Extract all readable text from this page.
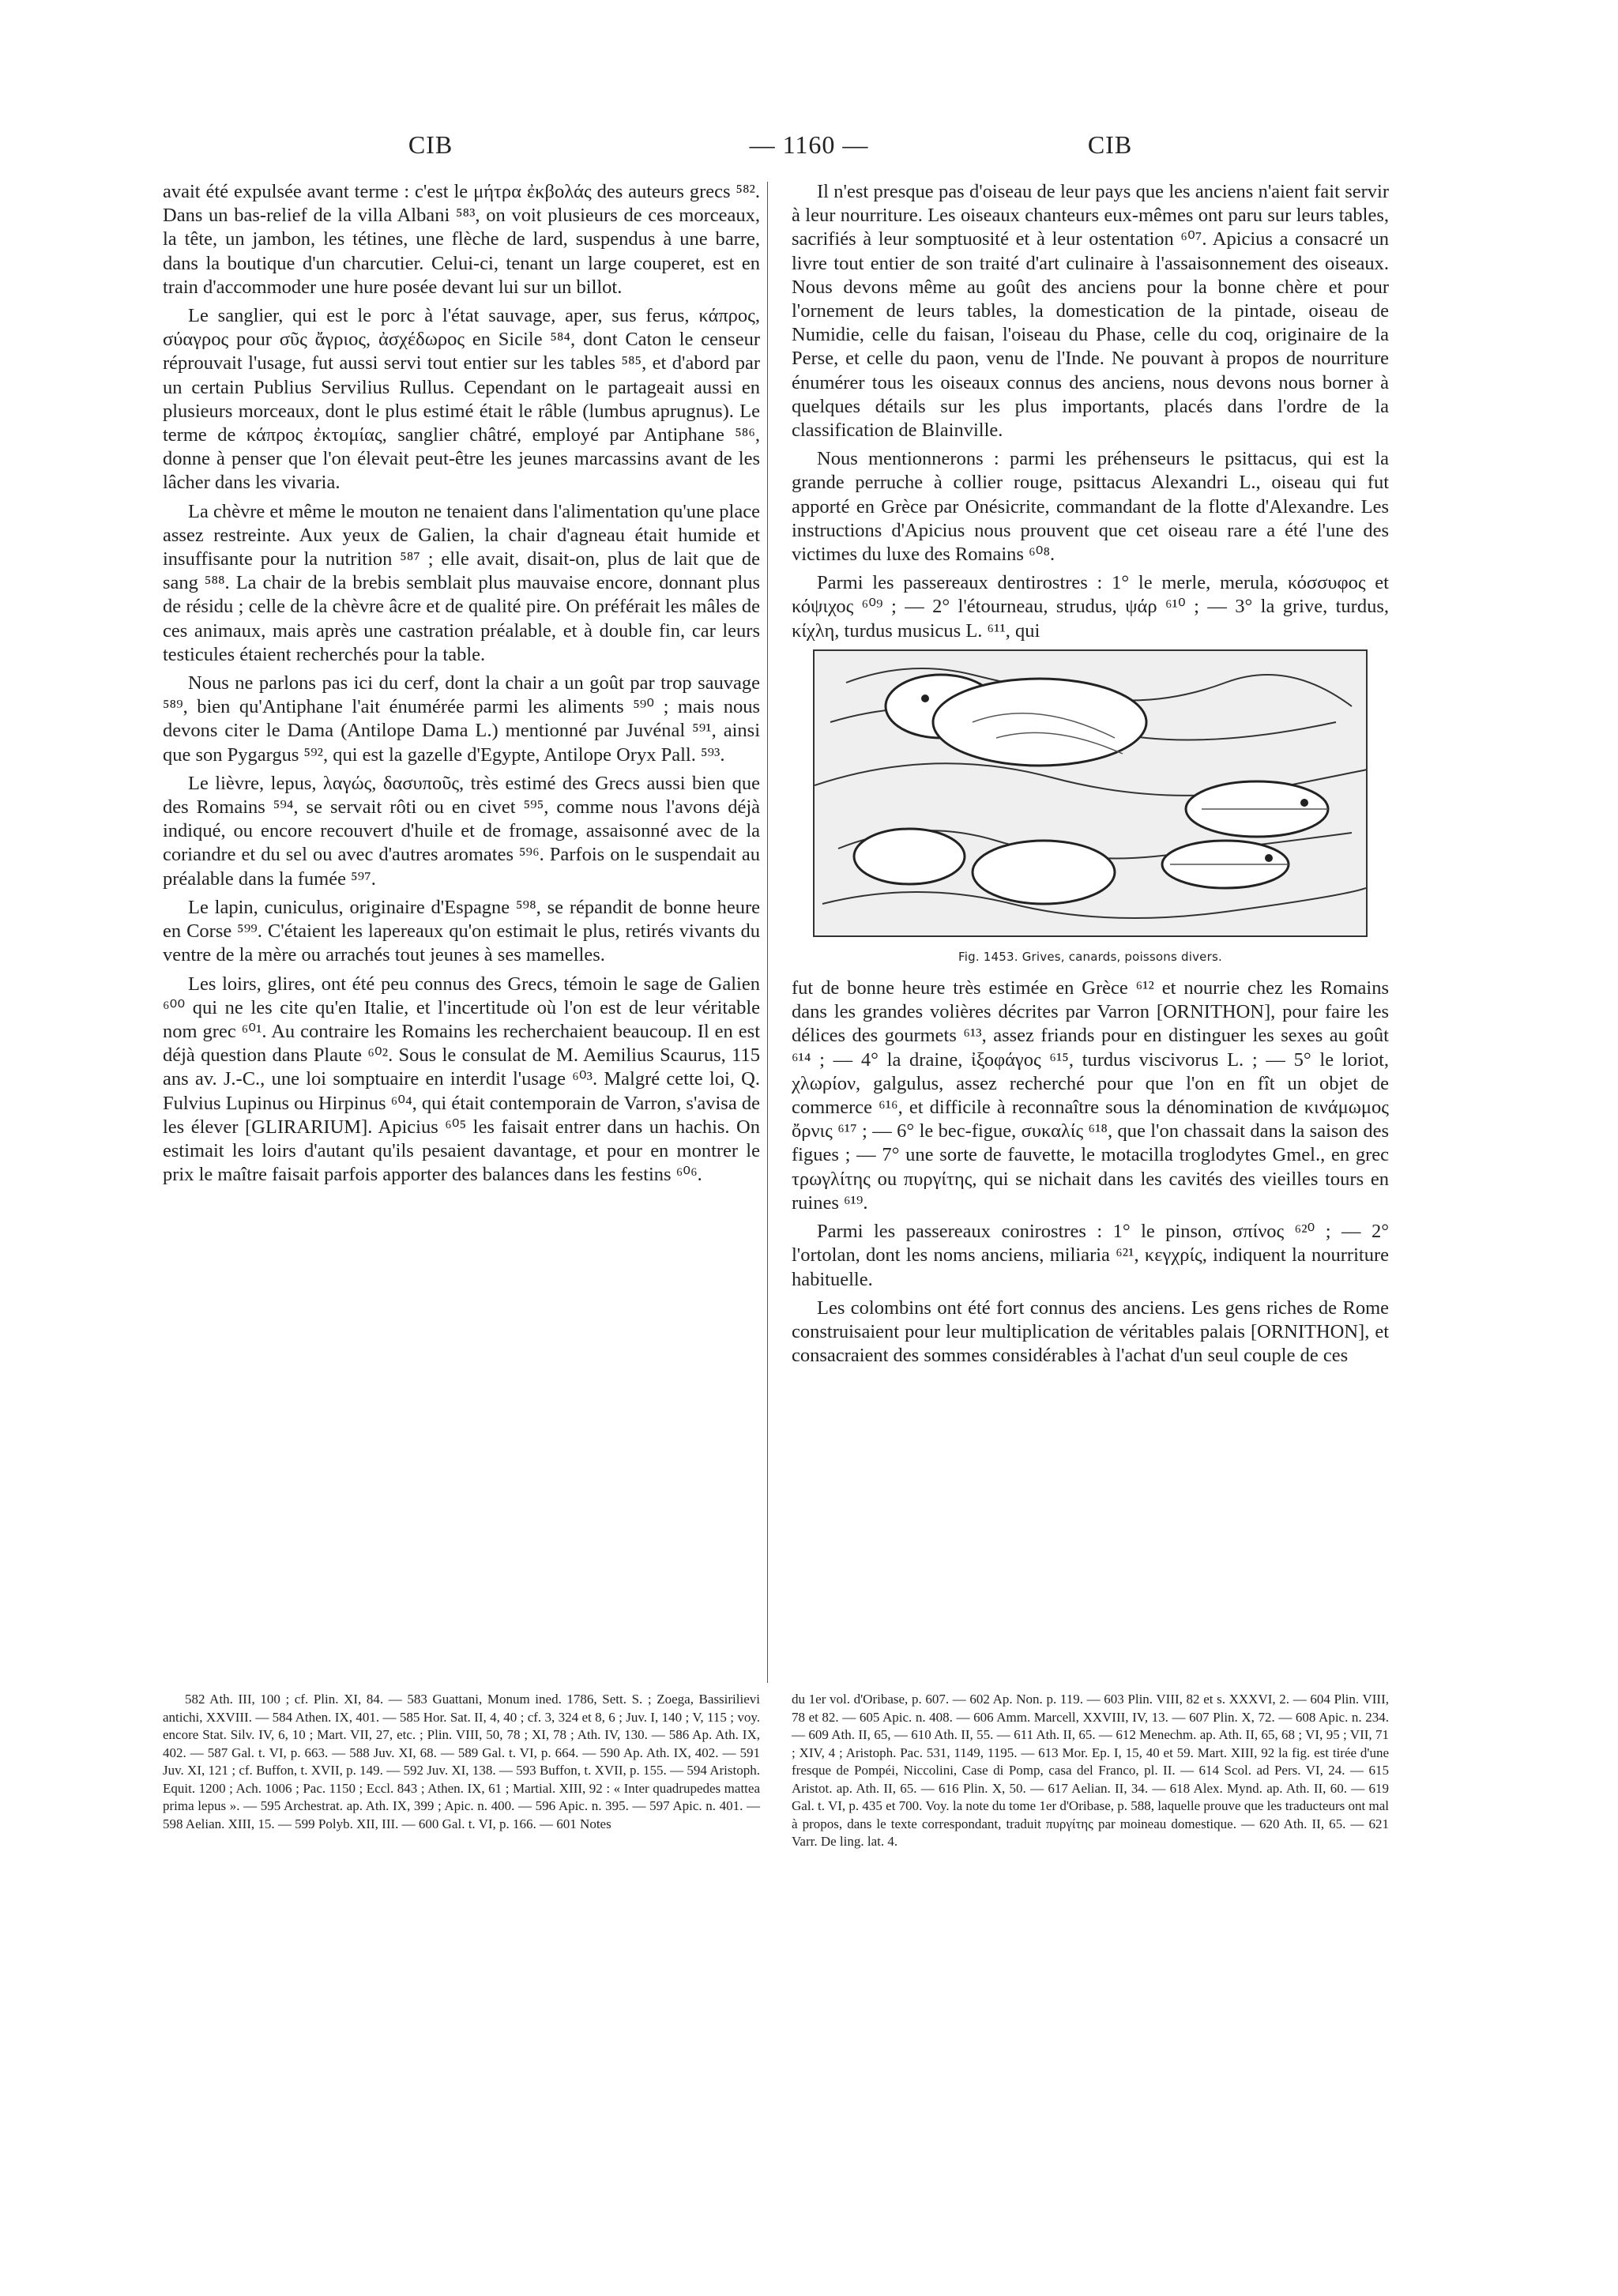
CIB	— 1160 —	CIB

avait été expulsée avant terme : c'est le μήτρα ἐκβολάς des auteurs grecs ⁵⁸². Dans un bas-relief de la villa Albani ⁵⁸³, on voit plusieurs de ces morceaux, la tête, un jambon, les tétines, une flèche de lard, suspendus à une barre, dans la boutique d'un charcutier. Celui-ci, tenant un large couperet, est en train d'accommoder une hure posée devant lui sur un billot.

Le sanglier, qui est le porc à l'état sauvage, aper, sus ferus, κάπρος, σύαγρος pour σῦς ἄγριος, ἀσχέδωρος en Sicile ⁵⁸⁴, dont Caton le censeur réprouvait l'usage, fut aussi servi tout entier sur les tables ⁵⁸⁵, et d'abord par un certain Publius Servilius Rullus. Cependant on le partageait aussi en plusieurs morceaux, dont le plus estimé était le râble (lumbus aprugnus). Le terme de κάπρος ἐκτομίας, sanglier châtré, employé par Antiphane ⁵⁸⁶, donne à penser que l'on élevait peut-être les jeunes marcassins avant de les lâcher dans les vivaria.

La chèvre et même le mouton ne tenaient dans l'alimentation qu'une place assez restreinte. Aux yeux de Galien, la chair d'agneau était humide et insuffisante pour la nutrition ⁵⁸⁷ ; elle avait, disait-on, plus de lait que de sang ⁵⁸⁸. La chair de la brebis semblait plus mauvaise encore, donnant plus de résidu ; celle de la chèvre âcre et de qualité pire. On préférait les mâles de ces animaux, mais après une castration préalable, et à double fin, car leurs testicules étaient recherchés pour la table.

Nous ne parlons pas ici du cerf, dont la chair a un goût par trop sauvage ⁵⁸⁹, bien qu'Antiphane l'ait énumérée parmi les aliments ⁵⁹⁰ ; mais nous devons citer le Dama (Antilope Dama L.) mentionné par Juvénal ⁵⁹¹, ainsi que son Pygargus ⁵⁹², qui est la gazelle d'Egypte, Antilope Oryx Pall. ⁵⁹³.

Le lièvre, lepus, λαγώς, δασυποῦς, très estimé des Grecs aussi bien que des Romains ⁵⁹⁴, se servait rôti ou en civet ⁵⁹⁵, comme nous l'avons déjà indiqué, ou encore recouvert d'huile et de fromage, assaisonné avec de la coriandre et du sel ou avec d'autres aromates ⁵⁹⁶. Parfois on le suspendait au préalable dans la fumée ⁵⁹⁷.

Le lapin, cuniculus, originaire d'Espagne ⁵⁹⁸, se répandit de bonne heure en Corse ⁵⁹⁹. C'étaient les lapereaux qu'on estimait le plus, retirés vivants du ventre de la mère ou arrachés tout jeunes à ses mamelles.

Les loirs, glires, ont été peu connus des Grecs, témoin le sage de Galien ⁶⁰⁰ qui ne les cite qu'en Italie, et l'incertitude où l'on est de leur véritable nom grec ⁶⁰¹. Au contraire les Romains les recherchaient beaucoup. Il en est déjà question dans Plaute ⁶⁰². Sous le consulat de M. Aemilius Scaurus, 115 ans av. J.-C., une loi somptuaire en interdit l'usage ⁶⁰³. Malgré cette loi, Q. Fulvius Lupinus ou Hirpinus ⁶⁰⁴, qui était contemporain de Varron, s'avisa de les élever [GLIRARIUM]. Apicius ⁶⁰⁵ les faisait entrer dans un hachis. On estimait les loirs d'autant qu'ils pesaient davantage, et pour en montrer le prix le maître faisait parfois apporter des balances dans les festins ⁶⁰⁶.

Il n'est presque pas d'oiseau de leur pays que les anciens n'aient fait servir à leur nourriture. Les oiseaux chanteurs eux-mêmes ont paru sur leurs tables, sacrifiés à leur somptuosité et à leur ostentation ⁶⁰⁷. Apicius a consacré un livre tout entier de son traité d'art culinaire à l'assaisonnement des oiseaux. Nous devons même au goût des anciens pour la bonne chère et pour l'ornement de leurs tables, la domestication de la pintade, oiseau de Numidie, celle du faisan, l'oiseau du Phase, celle du coq, originaire de la Perse, et celle du paon, venu de l'Inde. Ne pouvant à propos de nourriture énumérer tous les oiseaux connus des anciens, nous devons nous borner à quelques détails sur les plus importants, placés dans l'ordre de la classification de Blainville.

Nous mentionnerons : parmi les préhenseurs le psittacus, qui est la grande perruche à collier rouge, psittacus Alexandri L., oiseau qui fut apporté en Grèce par Onésicrite, commandant de la flotte d'Alexandre. Les instructions d'Apicius nous prouvent que cet oiseau rare a été l'une des victimes du luxe des Romains ⁶⁰⁸.

Parmi les passereaux dentirostres : 1° le merle, merula, κόσσυφος et κόψιχος ⁶⁰⁹ ; — 2° l'étourneau, strudus, ψάρ ⁶¹⁰ ; — 3° la grive, turdus, κίχλη, turdus musicus L. ⁶¹¹, qui

Fig. 1453. Grives, canards, poissons divers.

fut de bonne heure très estimée en Grèce ⁶¹² et nourrie chez les Romains dans les grandes volières décrites par Varron [ORNITHON], pour faire les délices des gourmets ⁶¹³, assez friands pour en distinguer les sexes au goût ⁶¹⁴ ; — 4° la draine, ἰξοφάγος ⁶¹⁵, turdus viscivorus L. ; — 5° le loriot, χλωρίον, galgulus, assez recherché pour que l'on en fît un objet de commerce ⁶¹⁶, et difficile à reconnaître sous la dénomination de κινάμωμος ὄρνις ⁶¹⁷ ; — 6° le bec-figue, συκαλίς ⁶¹⁸, que l'on chassait dans la saison des figues ; — 7° une sorte de fauvette, le motacilla troglodytes Gmel., en grec τρωγλίτης ou πυργίτης, qui se nichait dans les cavités des vieilles tours en ruines ⁶¹⁹.

Parmi les passereaux conirostres : 1° le pinson, σπίνος ⁶²⁰ ; — 2° l'ortolan, dont les noms anciens, miliaria ⁶²¹, κεγχρίς, indiquent la nourriture habituelle.

Les colombins ont été fort connus des anciens. Les gens riches de Rome construisaient pour leur multiplication de véritables palais [ORNITHON], et consacraient des sommes considérables à l'achat d'un seul couple de ces

582 Ath. III, 100 ; cf. Plin. XI, 84. — 583 Guattani, Monum ined. 1786, Sett. S. ; Zoega, Bassirilievi antichi, XXVIII. — 584 Athen. IX, 401. — 585 Hor. Sat. II, 4, 40 ; cf. 3, 324 et 8, 6 ; Juv. I, 140 ; V, 115 ; voy. encore Stat. Silv. IV, 6, 10 ; Mart. VII, 27, etc. ; Plin. VIII, 50, 78 ; XI, 78 ; Ath. IV, 130. — 586 Ap. Ath. IX, 402. — 587 Gal. t. VI, p. 663. — 588 Juv. XI, 68. — 589 Gal. t. VI, p. 664. — 590 Ap. Ath. IX, 402. — 591 Juv. XI, 121 ; cf. Buffon, t. XVII, p. 149. — 592 Juv. XI, 138. — 593 Buffon, t. XVII, p. 155. — 594 Aristoph. Equit. 1200 ; Ach. 1006 ; Pac. 1150 ; Eccl. 843 ; Athen. IX, 61 ; Martial. XIII, 92 : « Inter quadrupedes mattea prima lepus ». — 595 Archestrat. ap. Ath. IX, 399 ; Apic. n. 400. — 596 Apic. n. 395. — 597 Apic. n. 401. — 598 Aelian. XIII, 15. — 599 Polyb. XII, III. — 600 Gal. t. VI, p. 166. — 601 Notes

du 1er vol. d'Oribase, p. 607. — 602 Ap. Non. p. 119. — 603 Plin. VIII, 82 et s. XXXVI, 2. — 604 Plin. VIII, 78 et 82. — 605 Apic. n. 408. — 606 Amm. Marcell, XXVIII, IV, 13. — 607 Plin. X, 72. — 608 Apic. n. 234. — 609 Ath. II, 65, — 610 Ath. II, 55. — 611 Ath. II, 65. — 612 Menechm. ap. Ath. II, 65, 68 ; VI, 95 ; VII, 71 ; XIV, 4 ; Aristoph. Pac. 531, 1149, 1195. — 613 Mor. Ep. I, 15, 40 et 59. Mart. XIII, 92 la fig. est tirée d'une fresque de Pompéi, Niccolini, Case di Pomp, casa del Franco, pl. II. — 614 Scol. ad Pers. VI, 24. — 615 Aristot. ap. Ath. II, 65. — 616 Plin. X, 50. — 617 Aelian. II, 34. — 618 Alex. Mynd. ap. Ath. II, 60. — 619 Gal. t. VI, p. 435 et 700. Voy. la note du tome 1er d'Oribase, p. 588, laquelle prouve que les traducteurs ont mal à propos, dans le texte correspondant, traduit πυργίτης par moineau domestique. — 620 Ath. II, 65. — 621 Varr. De ling. lat. 4.
